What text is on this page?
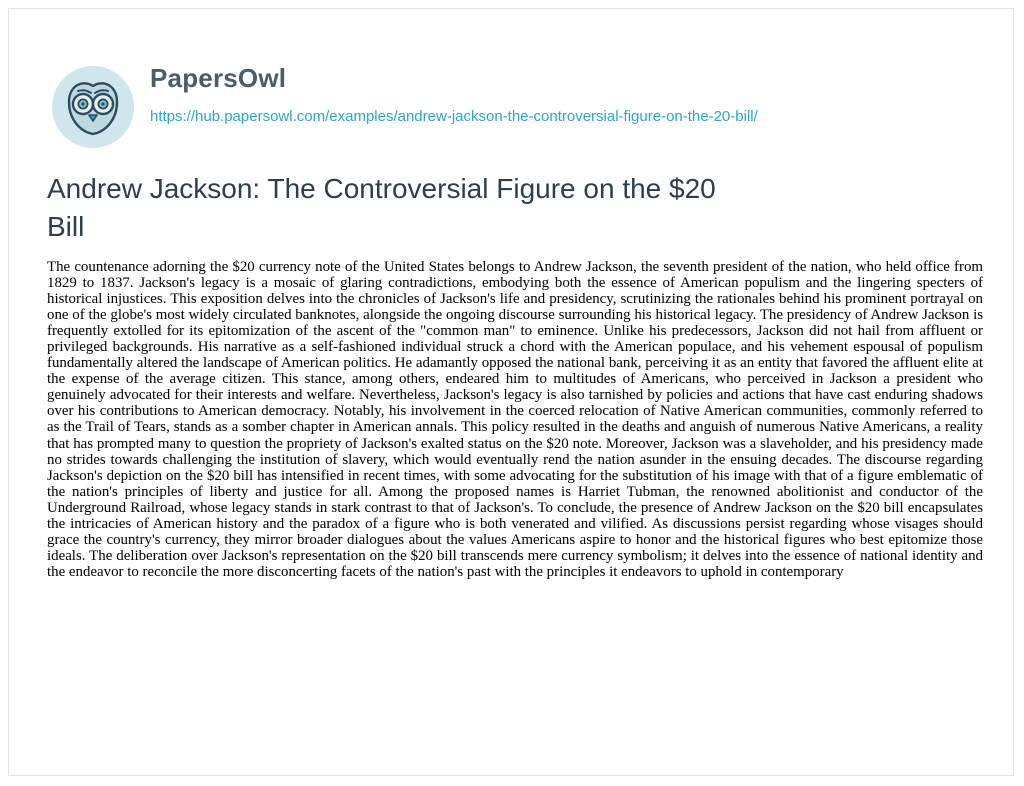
PapersOwl
https://hub.papersowl.com/examples/andrew-jackson-the-controversial-figure-on-the-20-bill/
Andrew Jackson: The Controversial Figure on the $20 Bill

The countenance adorning the $20 currency note of the United States belongs to Andrew Jackson, the seventh president of the nation, who held office from 1829 to 1837. Jackson's legacy is a mosaic of glaring contradictions, embodying both the essence of American populism and the lingering specters of historical injustices. This exposition delves into the chronicles of Jackson's life and presidency, scrutinizing the rationales behind his prominent portrayal on one of the globe's most widely circulated banknotes, alongside the ongoing discourse surrounding his historical legacy. The presidency of Andrew Jackson is frequently extolled for its epitomization of the ascent of the "common man" to eminence. Unlike his predecessors, Jackson did not hail from affluent or privileged backgrounds. His narrative as a self-fashioned individual struck a chord with the American populace, and his vehement espousal of populism fundamentally altered the landscape of American politics. He adamantly opposed the national bank, perceiving it as an entity that favored the affluent elite at the expense of the average citizen. This stance, among others, endeared him to multitudes of Americans, who perceived in Jackson a president who genuinely advocated for their interests and welfare. Nevertheless, Jackson's legacy is also tarnished by policies and actions that have cast enduring shadows over his contributions to American democracy. Notably, his involvement in the coerced relocation of Native American communities, commonly referred to as the Trail of Tears, stands as a somber chapter in American annals. This policy resulted in the deaths and anguish of numerous Native Americans, a reality that has prompted many to question the propriety of Jackson's exalted status on the $20 note. Moreover, Jackson was a slaveholder, and his presidency made no strides towards challenging the institution of slavery, which would eventually rend the nation asunder in the ensuing decades. The discourse regarding Jackson's depiction on the $20 bill has intensified in recent times, with some advocating for the substitution of his image with that of a figure emblematic of the nation's principles of liberty and justice for all. Among the proposed names is Harriet Tubman, the renowned abolitionist and conductor of the Underground Railroad, whose legacy stands in stark contrast to that of Jackson's. To conclude, the presence of Andrew Jackson on the $20 bill encapsulates the intricacies of American history and the paradox of a figure who is both venerated and vilified. As discussions persist regarding whose visages should grace the country's currency, they mirror broader dialogues about the values Americans aspire to honor and the historical figures who best epitomize those ideals. The deliberation over Jackson's representation on the $20 bill transcends mere currency symbolism; it delves into the essence of national identity and the endeavor to reconcile the more disconcerting facets of the nation's past with the principles it endeavors to uphold in contemporary
